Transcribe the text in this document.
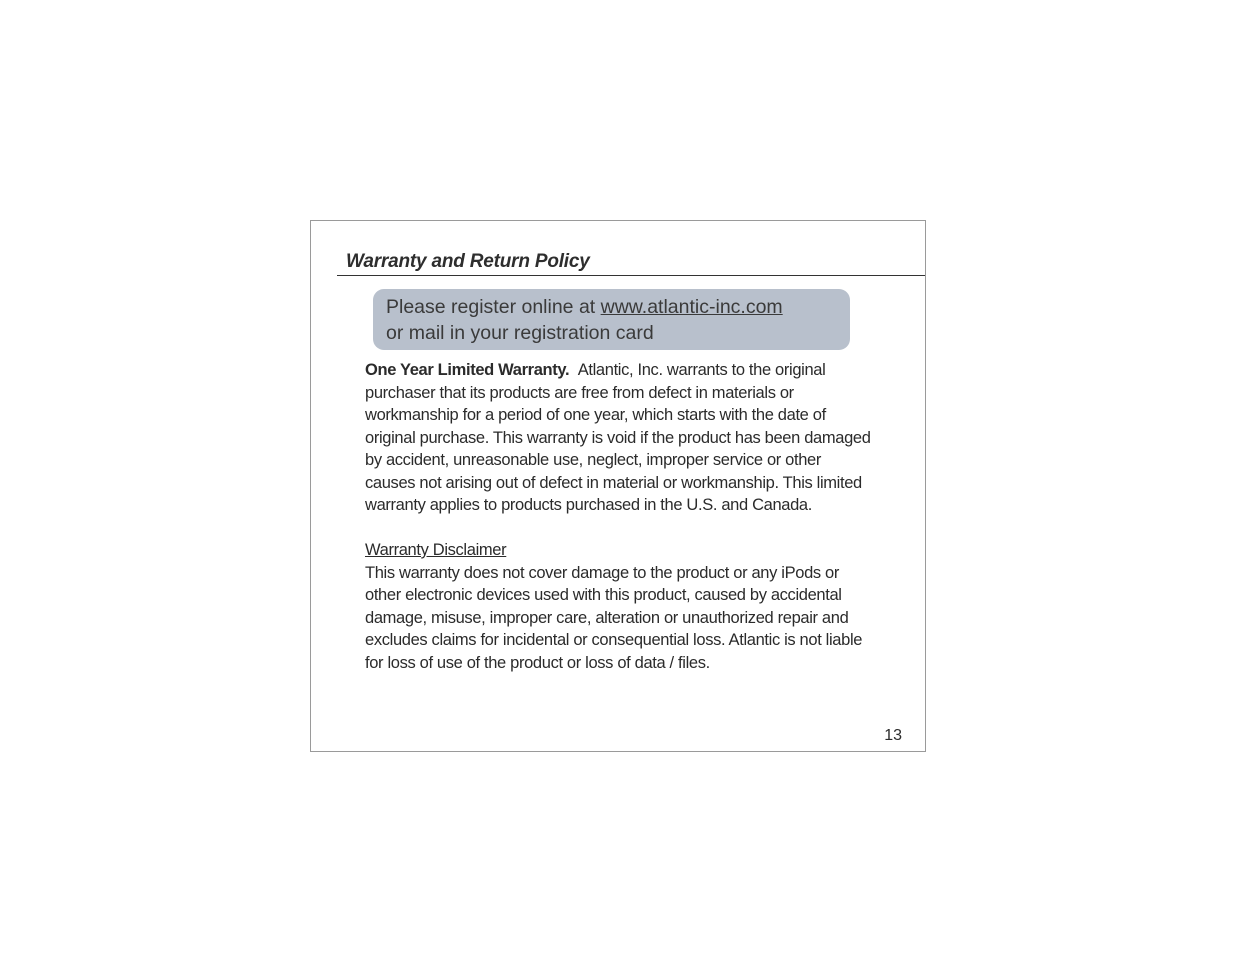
Warranty and Return Policy
Please register online at www.atlantic-inc.com
or mail in your registration card
One Year Limited Warranty. Atlantic, Inc. warrants to the original
purchaser that its products are free from defect in materials or
workmanship for a period of one year, which starts with the date of
original purchase. This warranty is void if the product has been damaged
by accident, unreasonable use, neglect, improper service or other
causes not arising out of defect in material or workmanship. This limited
warranty applies to products purchased in the U.S. and Canada.
Warranty Disclaimer
This warranty does not cover damage to the product or any iPods or
other electronic devices used with this product, caused by accidental
damage, misuse, improper care, alteration or unauthorized repair and
excludes claims for incidental or consequential loss. Atlantic is not liable
for loss of use of the product or loss of data / files.
13
